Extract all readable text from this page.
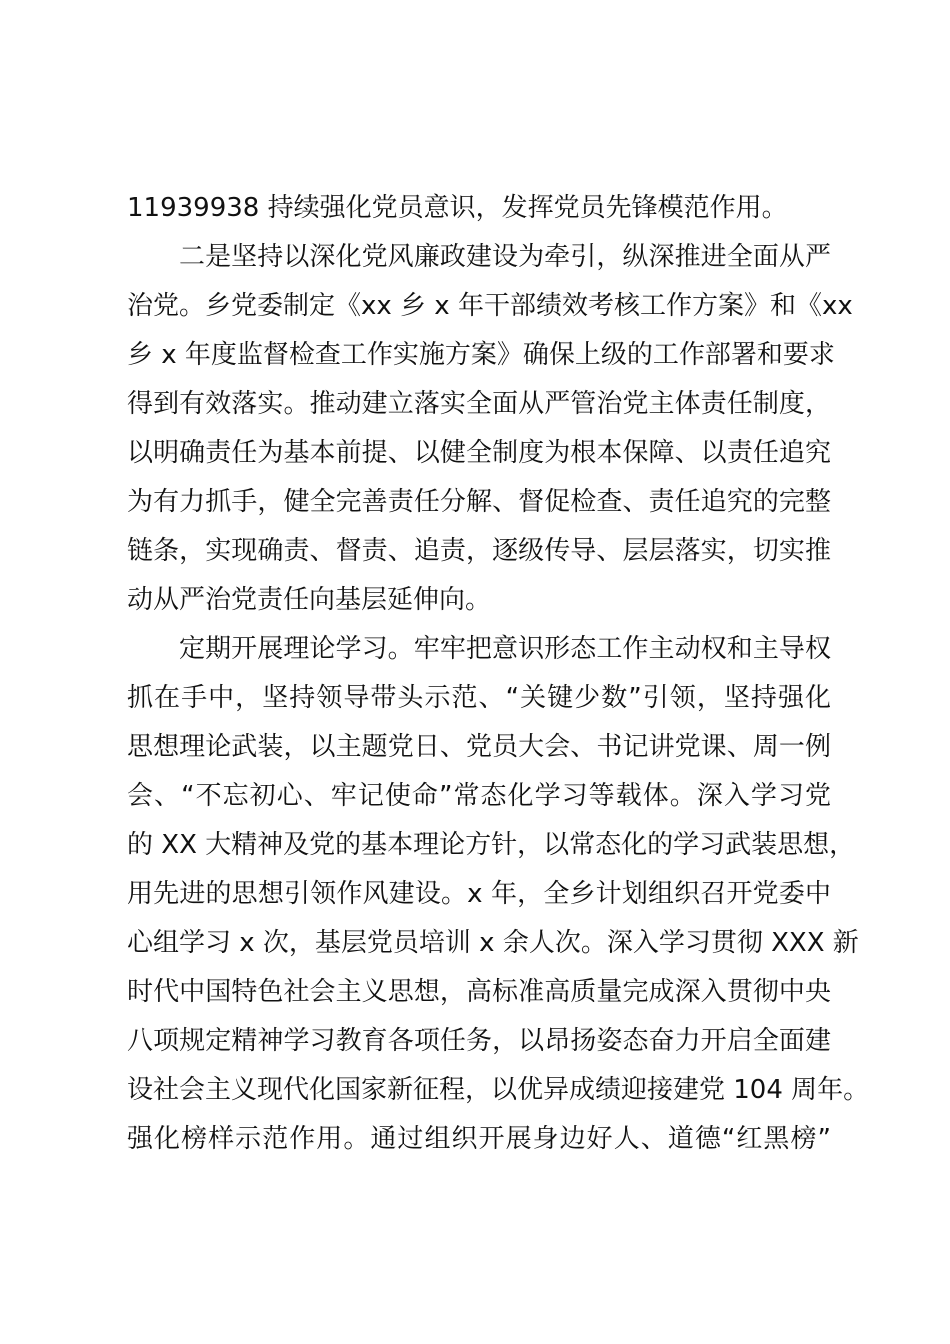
11939938 持续强化党员意识，发挥党员先锋模范作用。
二是坚持以深化党风廉政建设为牵引，纵深推进全面从严
治党。乡党委制定《xx 乡 x 年干部绩效考核工作方案》和《xx
乡 x 年度监督检查工作实施方案》确保上级的工作部署和要求
得到有效落实。推动建立落实全面从严管治党主体责任制度，
以明确责任为基本前提、以健全制度为根本保障、以责任追究
为有力抓手，健全完善责任分解、督促检查、责任追究的完整
链条，实现确责、督责、追责，逐级传导、层层落实，切实推
动从严治党责任向基层延伸向。
定期开展理论学习。牢牢把意识形态工作主动权和主导权
抓在手中，坚持领导带头示范、“关键少数”引领，坚持强化
思想理论武装，以主题党日、党员大会、书记讲党课、周一例
会、“不忘初心、牢记使命”常态化学习等载体。深入学习党
的 XX 大精神及党的基本理论方针，以常态化的学习武装思想，
用先进的思想引领作风建设。x 年，全乡计划组织召开党委中
心组学习 x 次，基层党员培训 x 余人次。深入学习贯彻 XXX 新
时代中国特色社会主义思想，高标准高质量完成深入贯彻中央
八项规定精神学习教育各项任务，以昂扬姿态奋力开启全面建
设社会主义现代化国家新征程，以优异成绩迎接建党 104 周年。
强化榜样示范作用。通过组织开展身边好人、道德“红黑榜”
